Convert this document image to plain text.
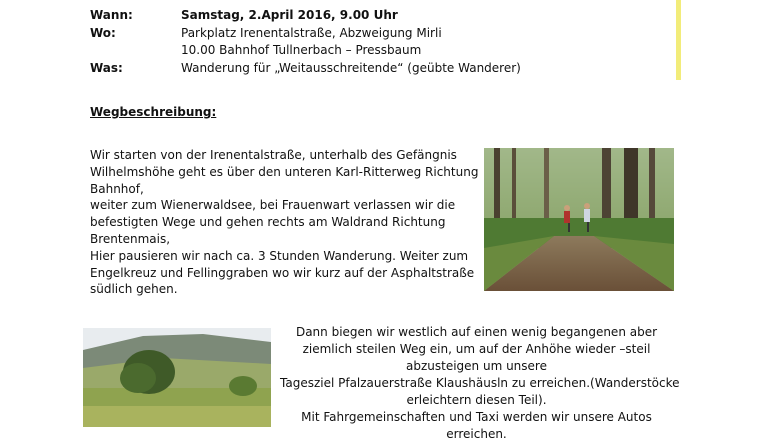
Wann:	Samstag, 2.April 2016, 9.00 Uhr
Wo:	Parkplatz Irenentalstraße, Abzweigung Mirli
10.00 Bahnhof Tullnerbach – Pressbaum
Was:	Wanderung für „Weitausschreitende“ (geübte Wanderer)
Wegbeschreibung:
Wir starten von der Irenentalstraße, unterhalb des Gefängnis
Wilhelmshöhe geht es über den unteren Karl-Ritterweg Richtung
Bahnhof,
weiter zum Wienerwaldsee, bei Frauenwart verlassen wir die
befestigten Wege und gehen rechts am Waldrand Richtung
Brentenmais,
Hier pausieren wir nach ca. 3 Stunden Wanderung. Weiter zum
Engelkreuz und Fellinggraben wo wir kurz auf der Asphaltstraße
südlich gehen.
Dann biegen wir westlich auf einen wenig begangenen aber
ziemlich steilen Weg ein, um auf der Anhöhe wieder –steil
abzusteigen um unsere
Tagesziel Pfalzauerstraße Klaushäusln zu erreichen.(Wanderstöcke
erleichtern diesen Teil).
Mit Fahrgemeinschaften und Taxi werden wir unsere Autos
erreichen.
